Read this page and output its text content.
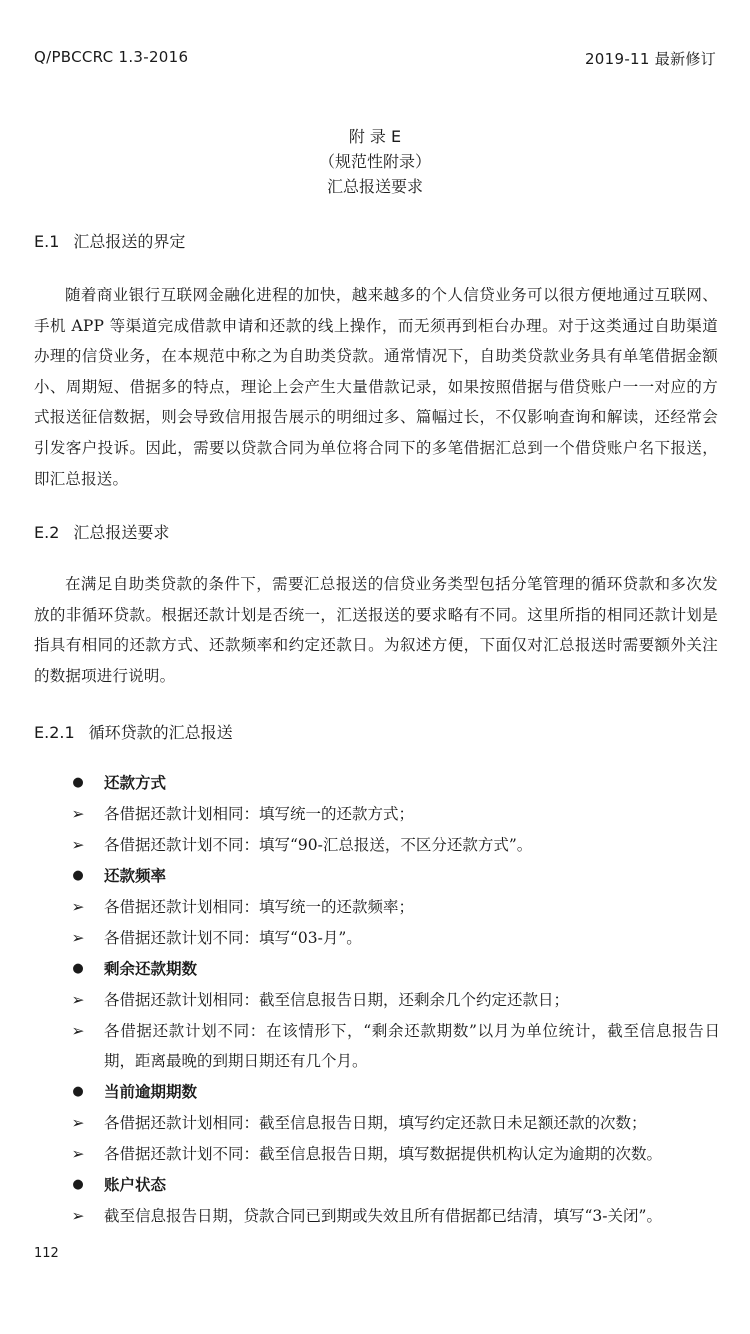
Q/PBCCRC 1.3-2016	2019-11 最新修订
附 录 E
（规范性附录）
汇总报送要求
E.1 汇总报送的界定
随着商业银行互联网金融化进程的加快，越来越多的个人信贷业务可以很方便地通过互联网、手机 APP 等渠道完成借款申请和还款的线上操作，而无须再到柜台办理。对于这类通过自助渠道办理的信贷业务，在本规范中称之为自助类贷款。通常情况下，自助类贷款业务具有单笔借据金额小、周期短、借据多的特点，理论上会产生大量借款记录，如果按照借据与借贷账户一一对应的方式报送征信数据，则会导致信用报告展示的明细过多、篇幅过长，不仅影响查询和解读，还经常会引发客户投诉。因此，需要以贷款合同为单位将合同下的多笔借据汇总到一个借贷账户名下报送，即汇总报送。
E.2 汇总报送要求
在满足自助类贷款的条件下，需要汇总报送的信贷业务类型包括分笔管理的循环贷款和多次发放的非循环贷款。根据还款计划是否统一，汇送报送的要求略有不同。这里所指的相同还款计划是指具有相同的还款方式、还款频率和约定还款日。为叙述方便，下面仅对汇总报送时需要额外关注的数据项进行说明。
E.2.1 循环贷款的汇总报送
● 还款方式
➢ 各借据还款计划相同：填写统一的还款方式；
➢ 各借据还款计划不同：填写“90-汇总报送，不区分还款方式”。
● 还款频率
➢ 各借据还款计划相同：填写统一的还款频率；
➢ 各借据还款计划不同：填写“03-月”。
● 剩余还款期数
➢ 各借据还款计划相同：截至信息报告日期，还剩余几个约定还款日；
➢ 各借据还款计划不同：在该情形下，“剩余还款期数”以月为单位统计，截至信息报告日期，距离最晚的到期日期还有几个月。
● 当前逾期期数
➢ 各借据还款计划相同：截至信息报告日期，填写约定还款日未足额还款的次数；
➢ 各借据还款计划不同：截至信息报告日期，填写数据提供机构认定为逾期的次数。
● 账户状态
➢ 截至信息报告日期，贷款合同已到期或失效且所有借据都已结清，填写“3-关闭”。
112
